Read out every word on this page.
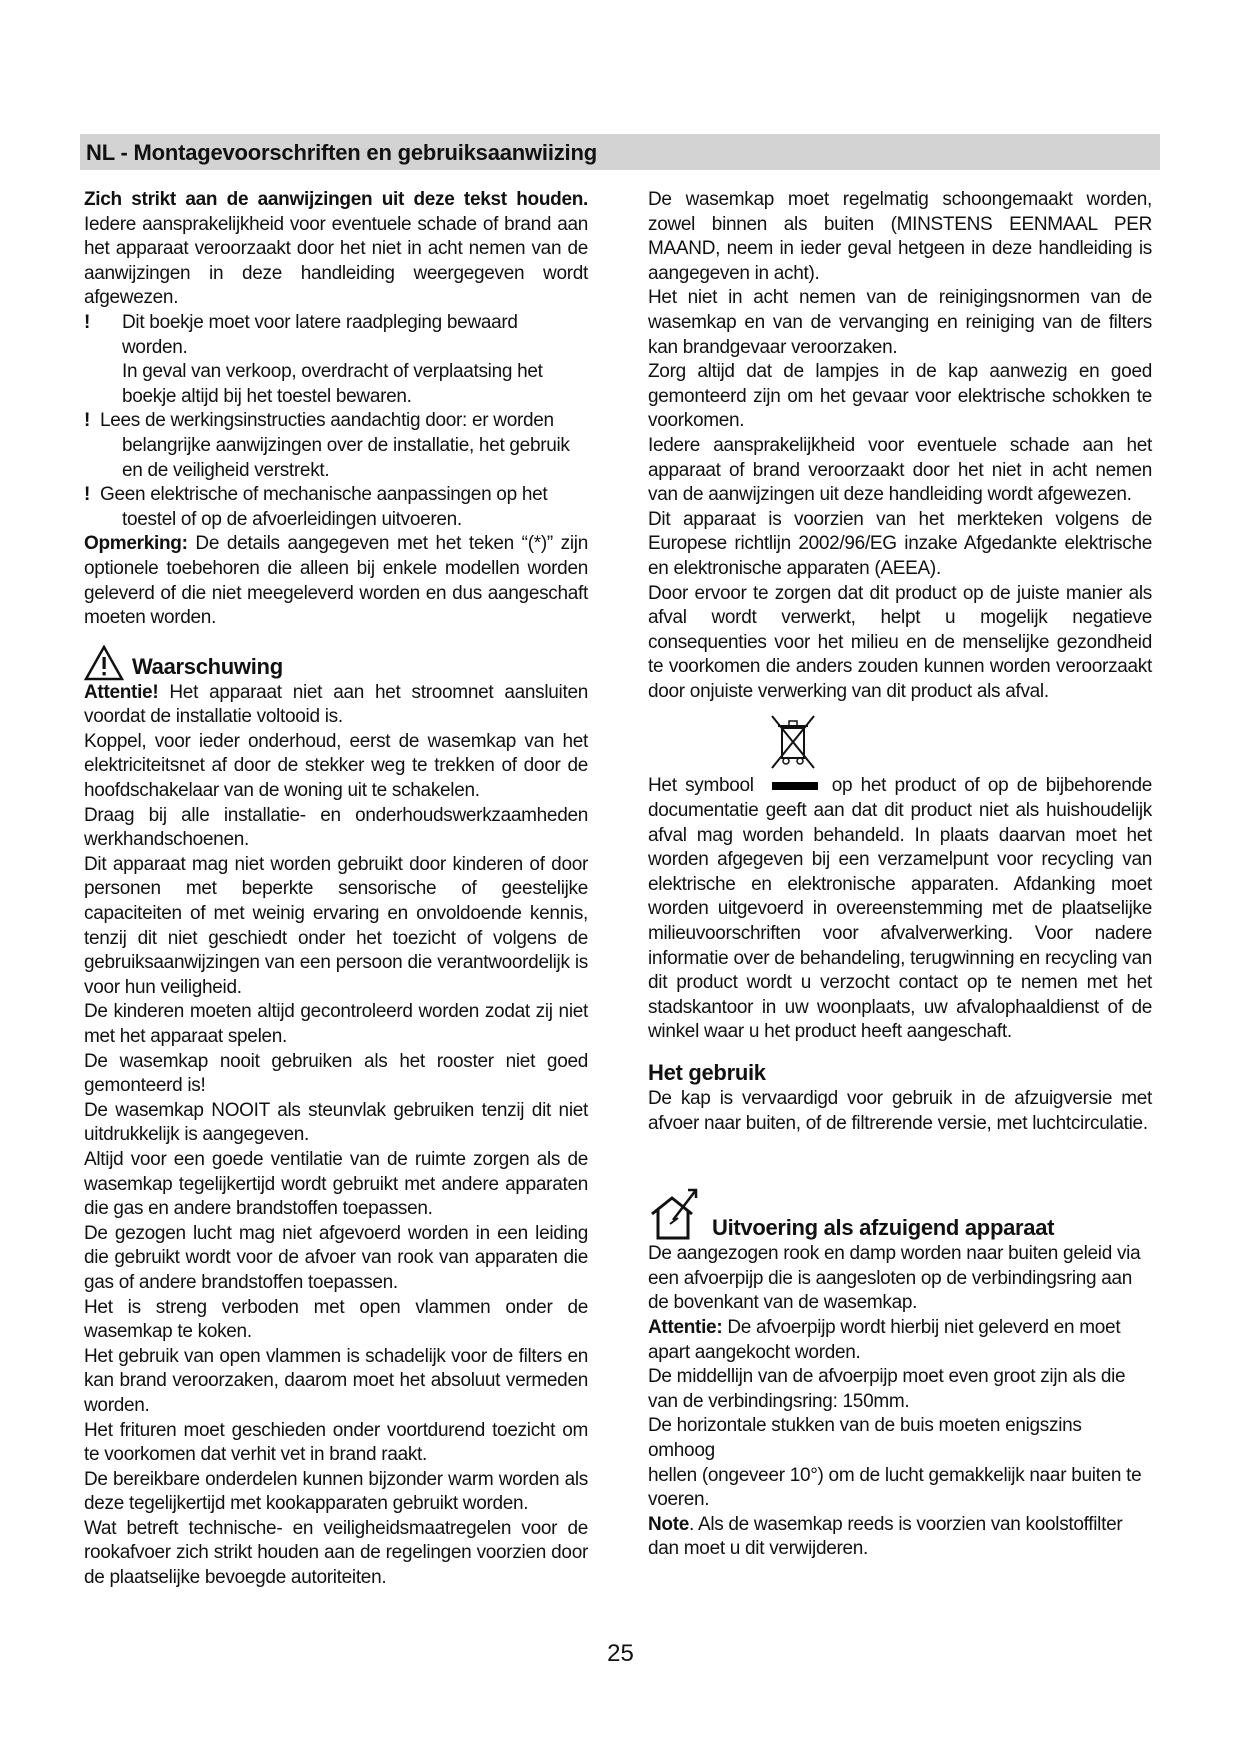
NL - Montagevoorschriften en gebruiksaanwiizing

Zich strikt aan de aanwijzingen uit deze tekst houden. Iedere aansprakelijkheid voor eventuele schade of brand aan het apparaat veroorzaakt door het niet in acht nemen van de aanwijzingen in deze handleiding weergegeven wordt afgewezen.

! Dit boekje moet voor latere raadpleging bewaard worden.
In geval van verkoop, overdracht of verplaatsing het
boekje altijd bij het toestel bewaren.
! Lees de werkingsinstructies aandachtig door: er worden
belangrijke aanwijzingen over de installatie, het gebruik
en de veiligheid verstrekt.
! Geen elektrische of mechanische aanpassingen op het
toestel of op de afvoerleidingen uitvoeren.

Opmerking: De details aangegeven met het teken “(*)” zijn optionele toebehoren die alleen bij enkele modellen worden geleverd of die niet meegeleverd worden en dus aangeschaft moeten worden.

Waarschuwing

Attentie! Het apparaat niet aan het stroomnet aansluiten voordat de installatie voltooid is.

Koppel, voor ieder onderhoud, eerst de wasemkap van het elektriciteitsnet af door de stekker weg te trekken of door de hoofdschakelaar van de woning uit te schakelen.

Draag bij alle installatie- en onderhoudswerkzaamheden werkhandschoenen.

Dit apparaat mag niet worden gebruikt door kinderen of door personen met beperkte sensorische of geestelijke capaciteiten of met weinig ervaring en onvoldoende kennis, tenzij dit niet geschiedt onder het toezicht of volgens de gebruiksaanwijzingen van een persoon die verantwoordelijk is voor hun veiligheid.

De kinderen moeten altijd gecontroleerd worden zodat zij niet met het apparaat spelen.

De wasemkap nooit gebruiken als het rooster niet goed gemonteerd is!

De wasemkap NOOIT als steunvlak gebruiken tenzij dit niet uitdrukkelijk is aangegeven.

Altijd voor een goede ventilatie van de ruimte zorgen als de wasemkap tegelijkertijd wordt gebruikt met andere apparaten die gas en andere brandstoffen toepassen.

De gezogen lucht mag niet afgevoerd worden in een leiding die gebruikt wordt voor de afvoer van rook van apparaten die gas of andere brandstoffen toepassen.

Het is streng verboden met open vlammen onder de wasemkap te koken.

Het gebruik van open vlammen is schadelijk voor de filters en kan brand veroorzaken, daarom moet het absoluut vermeden worden.

Het frituren moet geschieden onder voortdurend toezicht om te voorkomen dat verhit vet in brand raakt.

De bereikbare onderdelen kunnen bijzonder warm worden als deze tegelijkertijd met kookapparaten gebruikt worden.

Wat betreft technische- en veiligheidsmaatregelen voor de rookafvoer zich strikt houden aan de regelingen voorzien door de plaatselijke bevoegde autoriteiten.

De wasemkap moet regelmatig schoongemaakt worden, zowel binnen als buiten (MINSTENS EENMAAL PER MAAND, neem in ieder geval hetgeen in deze handleiding is aangegeven in acht).

Het niet in acht nemen van de reinigingsnormen van de wasemkap en van de vervanging en reiniging van de filters kan brandgevaar veroorzaken.

Zorg altijd dat de lampjes in de kap aanwezig en goed gemonteerd zijn om het gevaar voor elektrische schokken te voorkomen.

Iedere aansprakelijkheid voor eventuele schade aan het apparaat of brand veroorzaakt door het niet in acht nemen van de aanwijzingen uit deze handleiding wordt afgewezen.

Dit apparaat is voorzien van het merkteken volgens de Europese richtlijn 2002/96/EG inzake Afgedankte elektrische en elektronische apparaten (AEEA).

Door ervoor te zorgen dat dit product op de juiste manier als afval wordt verwerkt, helpt u mogelijk negatieve consequenties voor het milieu en de menselijke gezondheid te voorkomen die anders zouden kunnen worden veroorzaakt door onjuiste verwerking van dit product als afval.

Het symbool	op het product of op de bijbehorende documentatie geeft aan dat dit product niet als huishoudelijk afval mag worden behandeld. In plaats daarvan moet het worden afgegeven bij een verzamelpunt voor recycling van elektrische en elektronische apparaten. Afdanking moet worden uitgevoerd in overeenstemming met de plaatselijke milieuvoorschriften voor afvalverwerking. Voor nadere informatie over de behandeling, terugwinning en recycling van dit product wordt u verzocht contact op te nemen met het stadskantoor in uw woonplaats, uw afvalophaaldienst of de winkel waar u het product heeft aangeschaft.

Het gebruik

De kap is vervaardigd voor gebruik in de afzuigversie met afvoer naar buiten, of de filtrerende versie, met luchtcirculatie.

Uitvoering als afzuigend apparaat
De aangezogen rook en damp worden naar buiten geleid via
een afvoerpijp die is aangesloten op de verbindingsring aan
de bovenkant van de wasemkap.
Attentie: De afvoerpijp wordt hierbij niet geleverd en moet
apart aangekocht worden.
De middellijn van de afvoerpijp moet even groot zijn als die
van de verbindingsring: 150mm.
De horizontale stukken van de buis moeten enigszins omhoog
hellen (ongeveer 10°) om de lucht gemakkelijk naar buiten te
voeren.
Note. Als de wasemkap reeds is voorzien van koolstoffilter
dan moet u dit verwijderen.
25
